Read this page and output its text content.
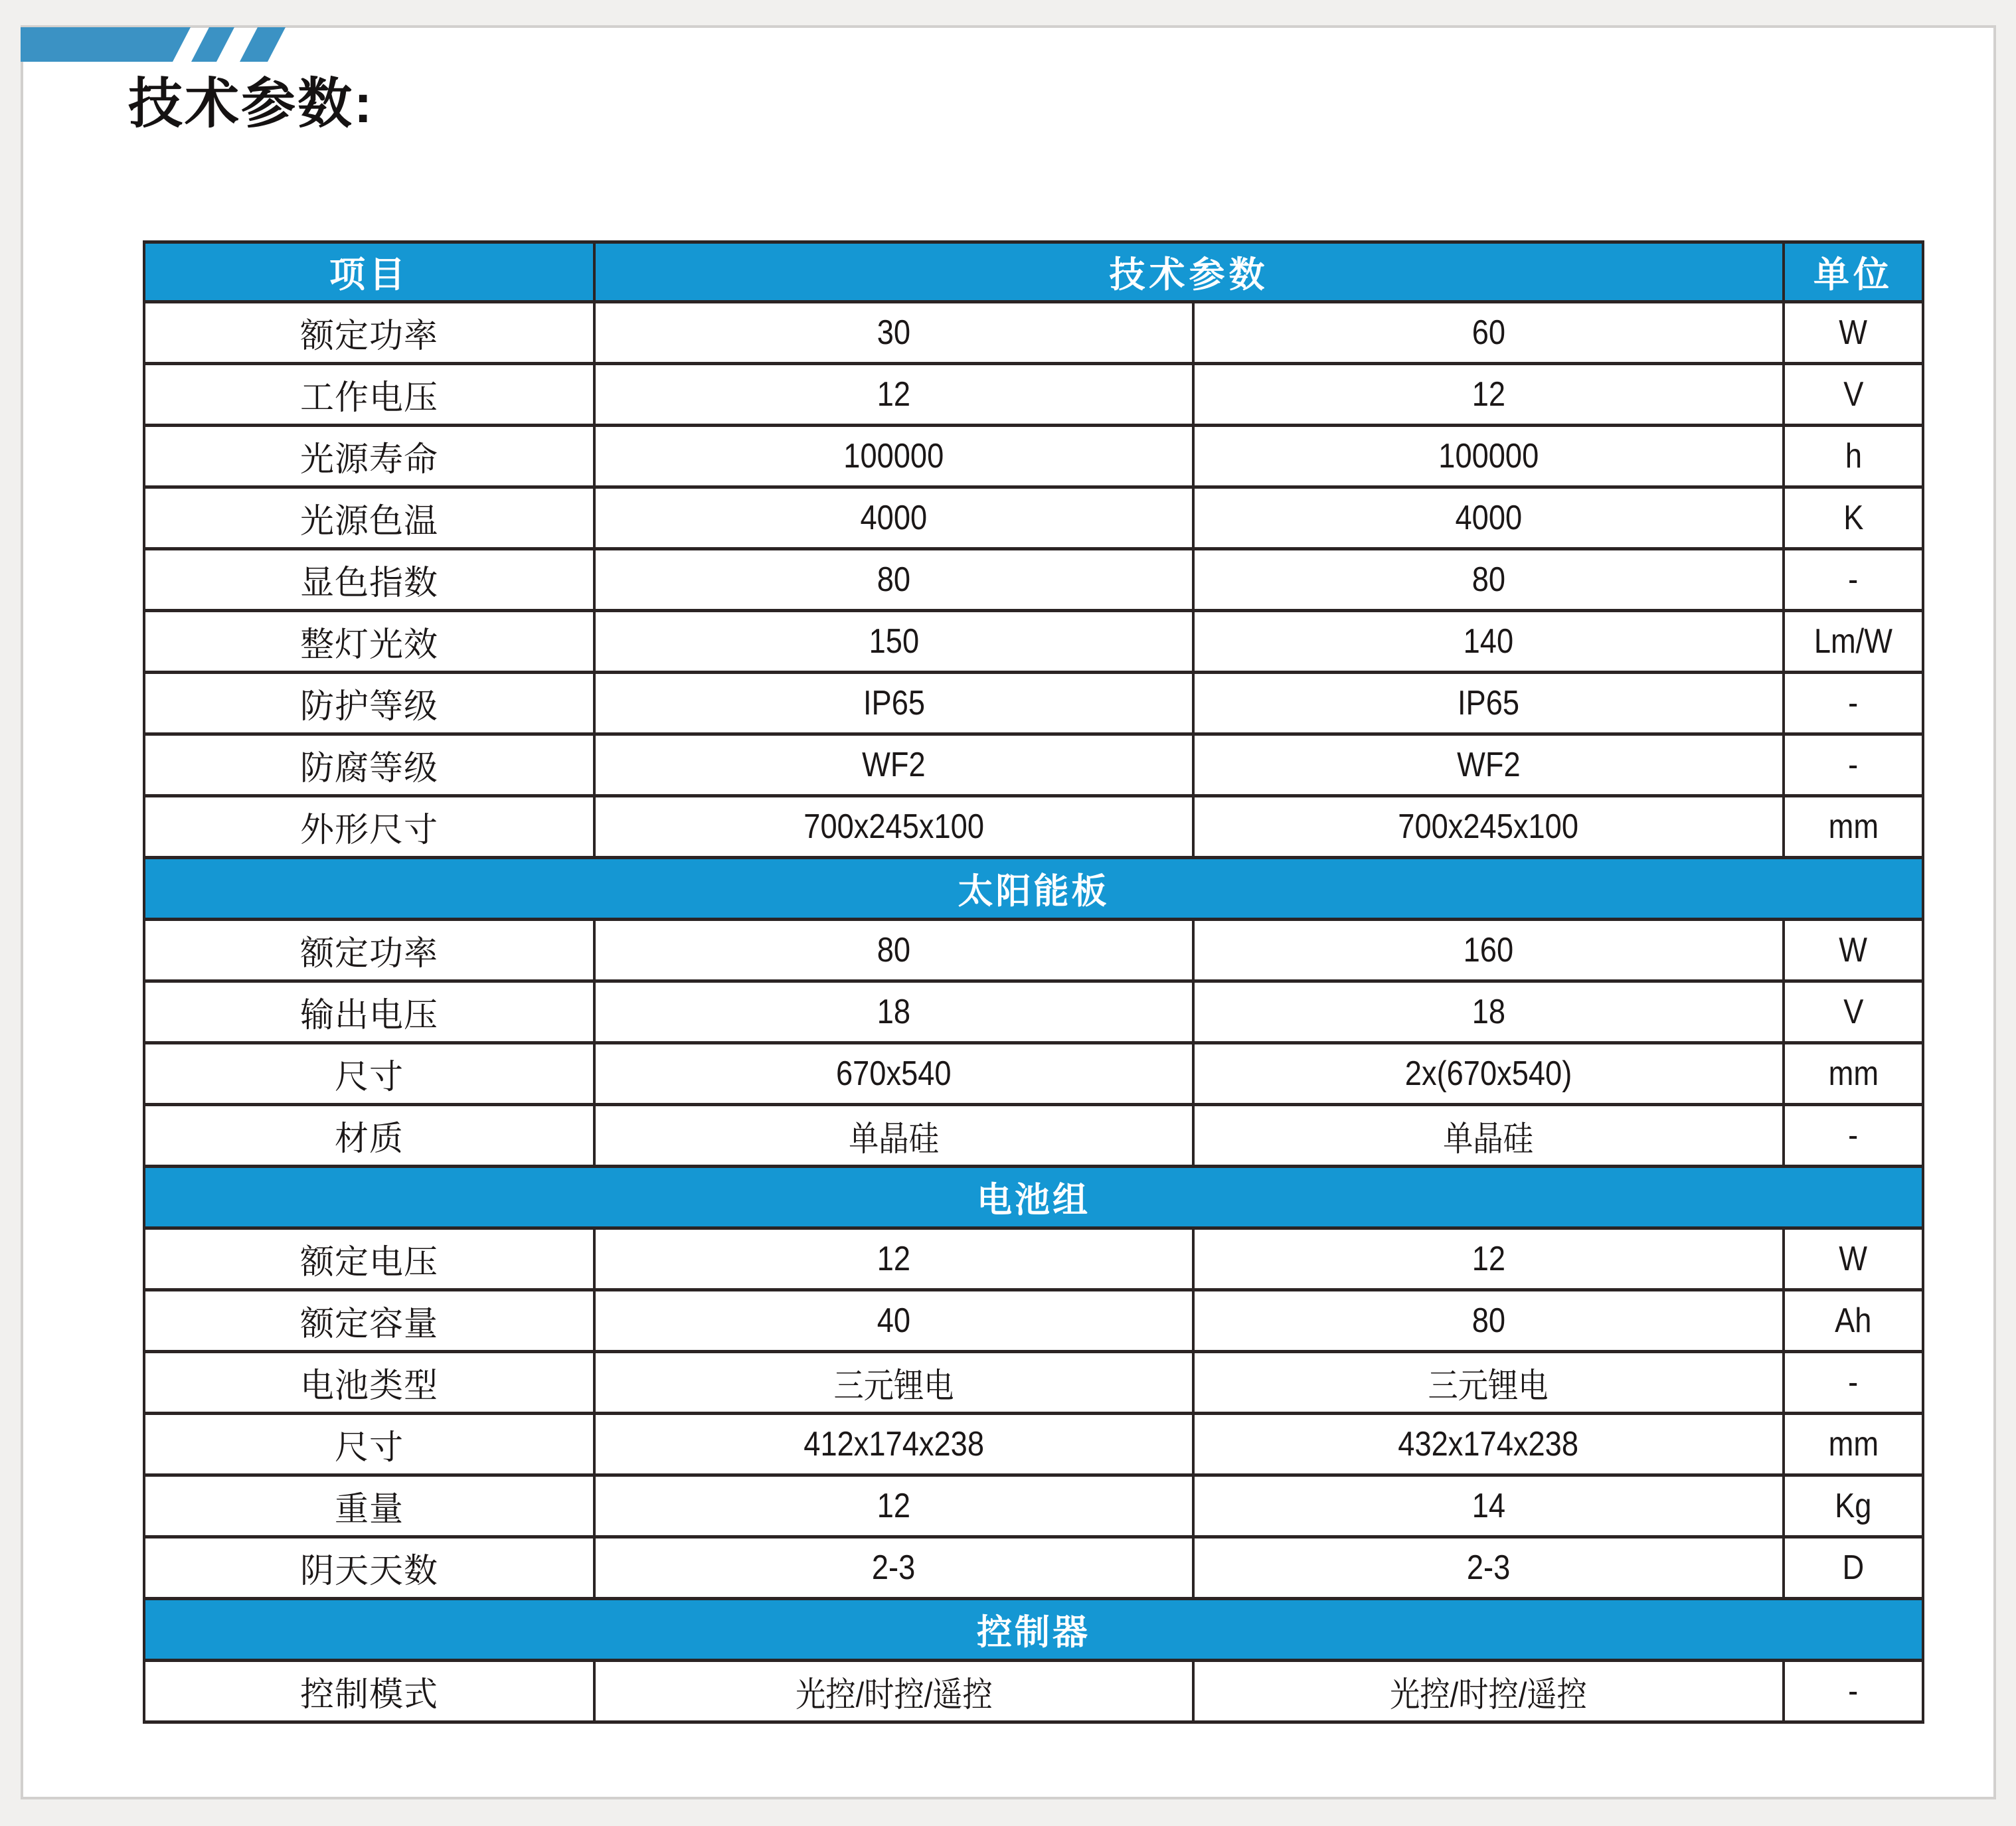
技术参数:
项目	技术参数		单位
额定功率	30	60	W
工作电压	12	12	V
光源寿命	100000	100000	h
光源色温	4000	4000	K
显色指数	80	80	-
整灯光效	150	140	Lm/W
防护等级	IP65	IP65	-
防腐等级	WF2	WF2	-
外形尺寸	700x245x100	700x245x100	mm
太阳能板			
额定功率	80	160	W
输出电压	18	18	V
尺寸	670x540	2x(670x540)	mm
材质	单晶硅	单晶硅	-
电池组			
额定电压	12	12	W
额定容量	40	80	Ah
电池类型	三元锂电	三元锂电	-
尺寸	412x174x238	432x174x238	mm
重量	12	14	Kg
阴天天数	2-3	2-3	D
控制器			
控制模式	光控/时控/遥控	光控/时控/遥控	-
